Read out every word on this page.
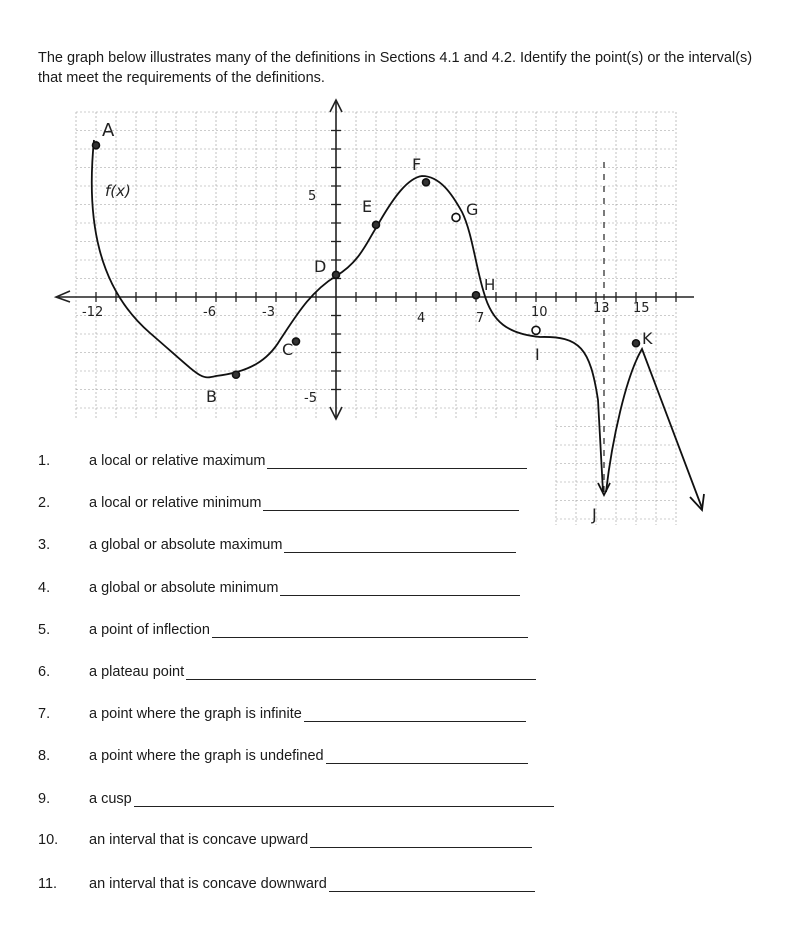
The graph below illustrates many of the definitions in Sections 4.1 and 4.2. Identify the point(s) or the interval(s) that meet the requirements of the definitions.
f(x)
-12	-6	-3	4	7	10	13 15
5
-5
A
B
C
D
E
F
G
H
I
J
K
1.	a local or relative maximum
2.	a local or relative minimum
3.	a global or absolute maximum
4.	a global or absolute minimum
5.	a point of inflection
6.	a plateau point
7.	a point where the graph is infinite
8.	a point where the graph is undefined
9.	a cusp
10.	an interval that is concave upward
11.	an interval that is concave downward
